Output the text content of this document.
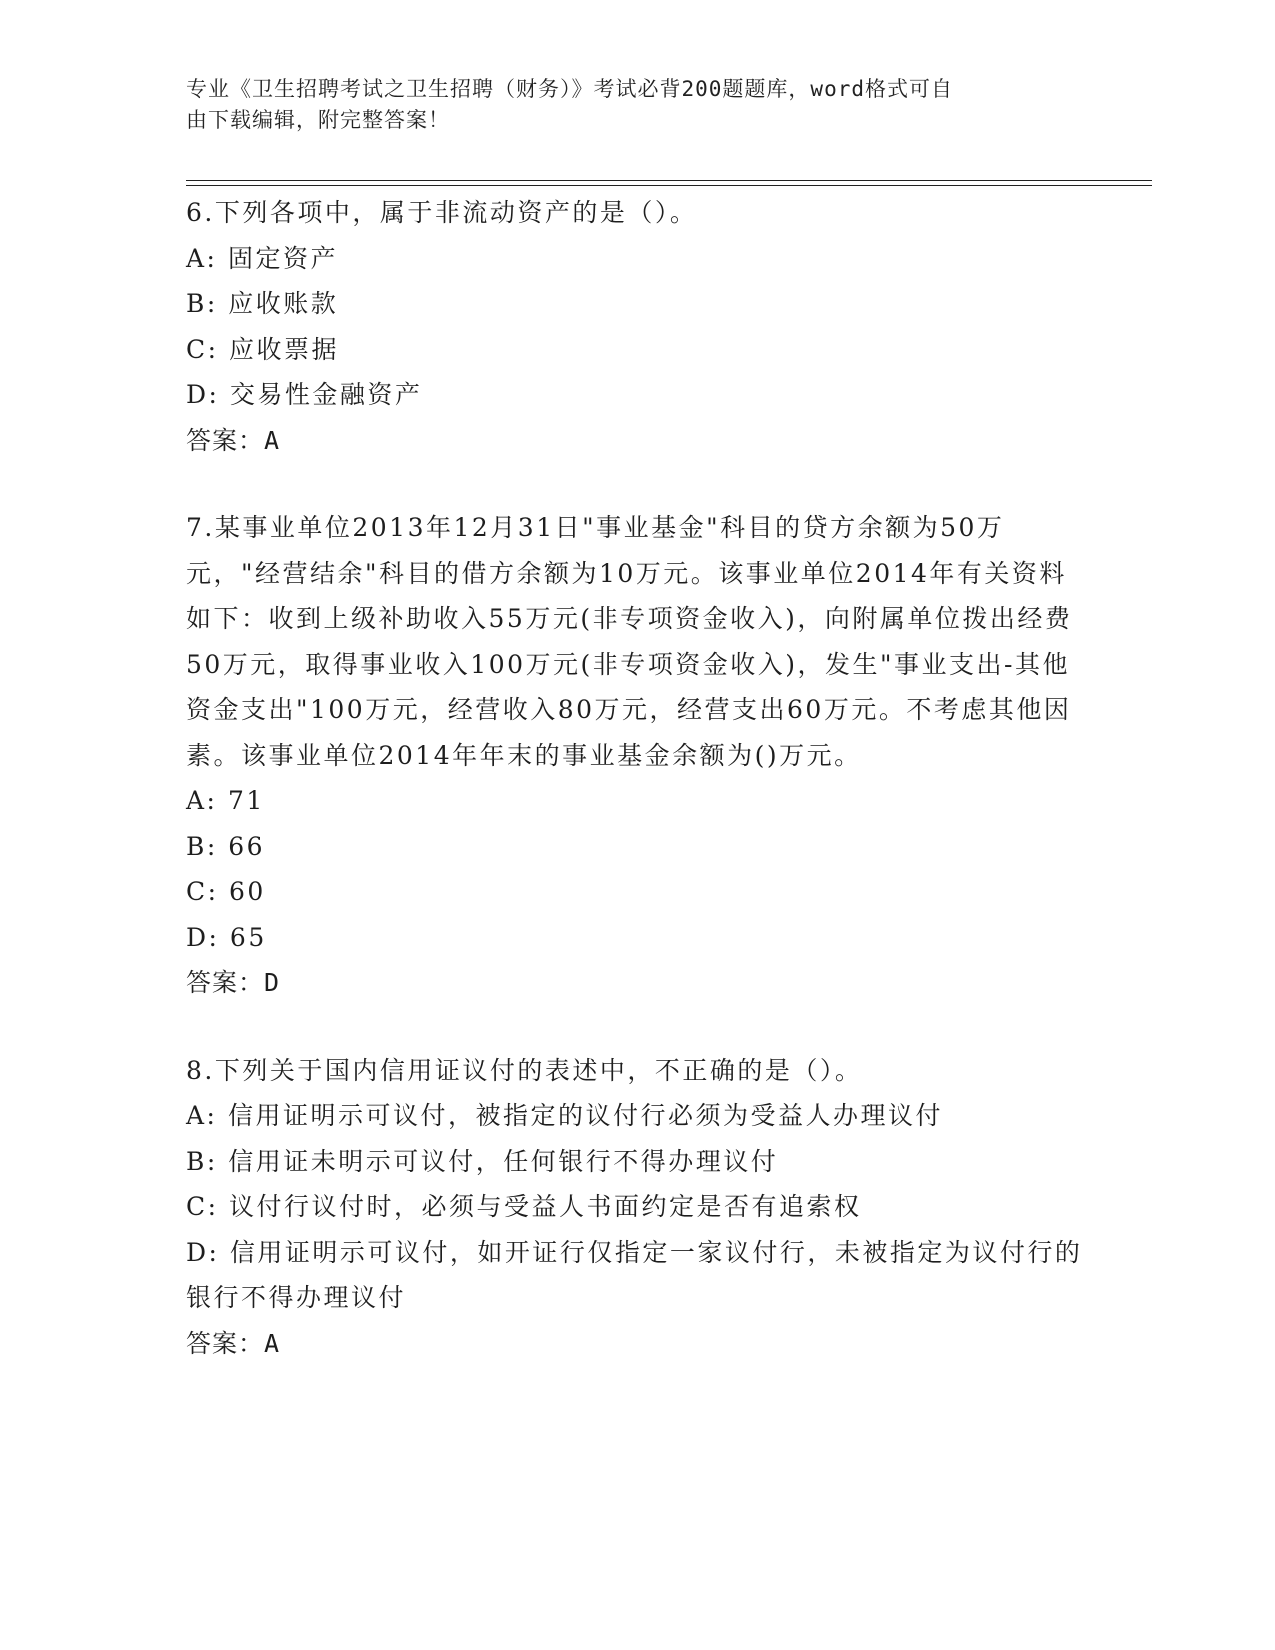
专业《卫生招聘考试之卫生招聘（财务）》考试必背200题题库，word格式可自
由下载编辑，附完整答案！
6.下列各项中，属于非流动资产的是（）。
A: 固定资产
B: 应收账款
C: 应收票据
D: 交易性金融资产
答案：A
7.某事业单位2013年12月31日"事业基金"科目的贷方余额为50万元，"经营结余"科目的借方余额为10万元。该事业单位2014年有关资料如下：收到上级补助收入55万元(非专项资金收入)，向附属单位拨出经费50万元，取得事业收入100万元(非专项资金收入)，发生"事业支出-其他资金支出"100万元，经营收入80万元，经营支出60万元。不考虑其他因素。该事业单位2014年年末的事业基金余额为()万元。
A: 71
B: 66
C: 60
D: 65
答案：D
8.下列关于国内信用证议付的表述中，不正确的是（）。
A: 信用证明示可议付，被指定的议付行必须为受益人办理议付
B: 信用证未明示可议付，任何银行不得办理议付
C: 议付行议付时，必须与受益人书面约定是否有追索权
D: 信用证明示可议付，如开证行仅指定一家议付行，未被指定为议付行的银行不得办理议付
答案：A
